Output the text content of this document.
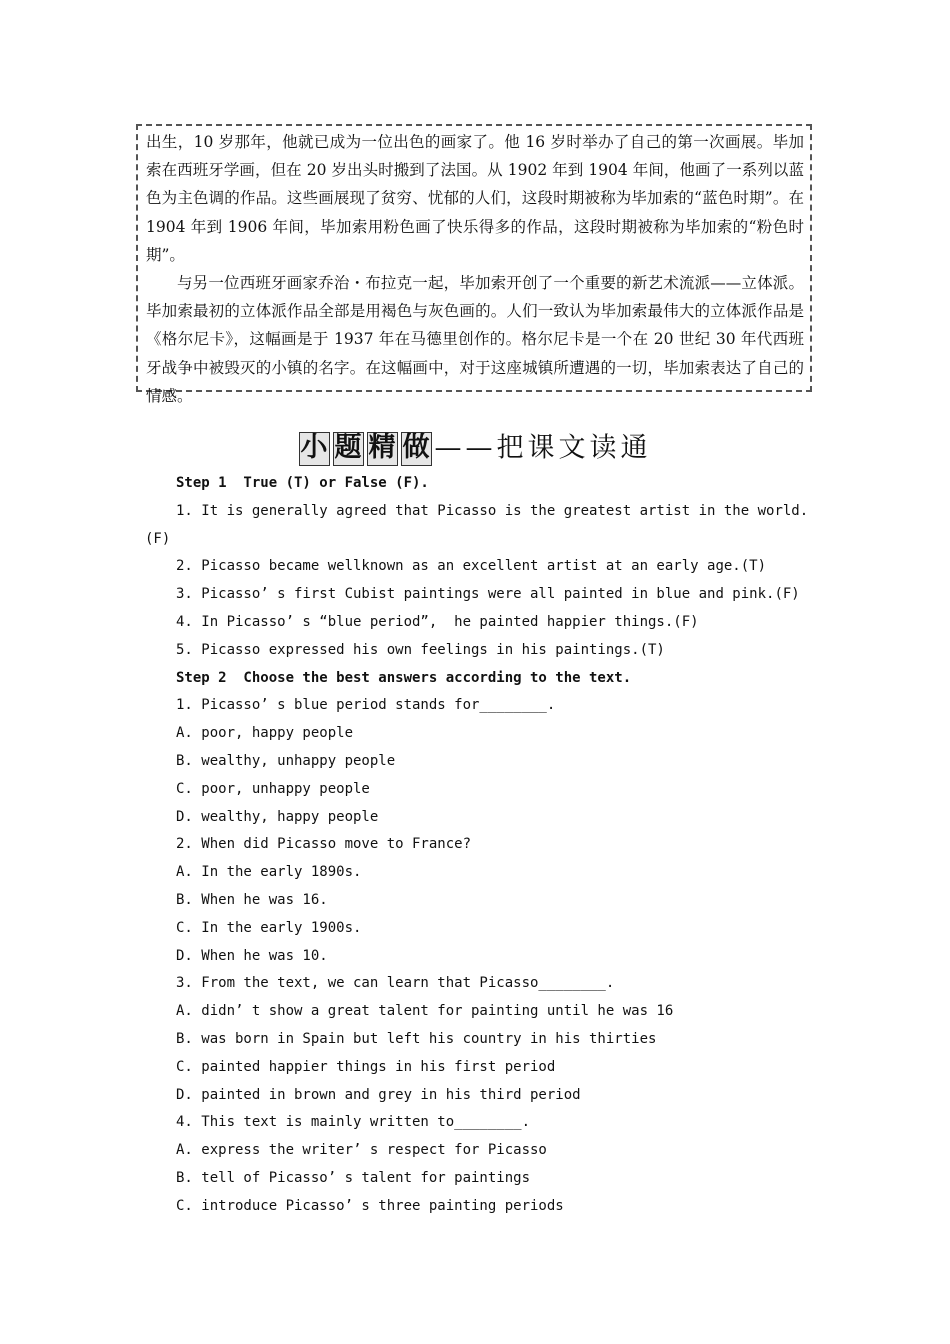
出生，10 岁那年，他就已成为一位出色的画家了。他 16 岁时举办了自己的第一次画展。毕加索在西班牙学画，但在 20 岁出头时搬到了法国。从 1902 年到 1904 年间，他画了一系列以蓝色为主色调的作品。这些画展现了贫穷、忧郁的人们，这段时期被称为毕加索的“蓝色时期”。在 1904 年到 1906 年间，毕加索用粉色画了快乐得多的作品，这段时期被称为毕加索的“粉色时期”。

与另一位西班牙画家乔治・布拉克一起，毕加索开创了一个重要的新艺术流派——立体派。毕加索最初的立体派作品全部是用褐色与灰色画的。人们一致认为毕加索最伟大的立体派作品是《格尔尼卡》，这幅画是于 1937 年在马德里创作的。格尔尼卡是一个在 20 世纪 30 年代西班牙战争中被毁灭的小镇的名字。在这幅画中，对于这座城镇所遭遇的一切，毕加索表达了自己的情感。

小 题 精 做 ——把课文读通
Step 1  True (T) or False (F).
1. It is generally agreed that Picasso is the greatest artist in the world.
(F)
2. Picasso became wellknown as an excellent artist at an early age.(T)
3. Picasso’ s first Cubist paintings were all painted in blue and pink.(F)
4. In Picasso’ s “blue period”,  he painted happier things.(F)
5. Picasso expressed his own feelings in his paintings.(T)
Step 2  Choose the best answers according to the text.
1. Picasso’ s blue period stands for________.
A. poor, happy people
B. wealthy, unhappy people
C. poor, unhappy people
D. wealthy, happy people
2. When did Picasso move to France?
A. In the early 1890s.
B. When he was 16.
C. In the early 1900s.
D. When he was 10.
3. From the text, we can learn that Picasso________.
A. didn’ t show a great talent for painting until he was 16
B. was born in Spain but left his country in his thirties
C. painted happier things in his first period
D. painted in brown and grey in his third period
4. This text is mainly written to________.
A. express the writer’ s respect for Picasso
B. tell of Picasso’ s talent for paintings
C. introduce Picasso’ s three painting periods
